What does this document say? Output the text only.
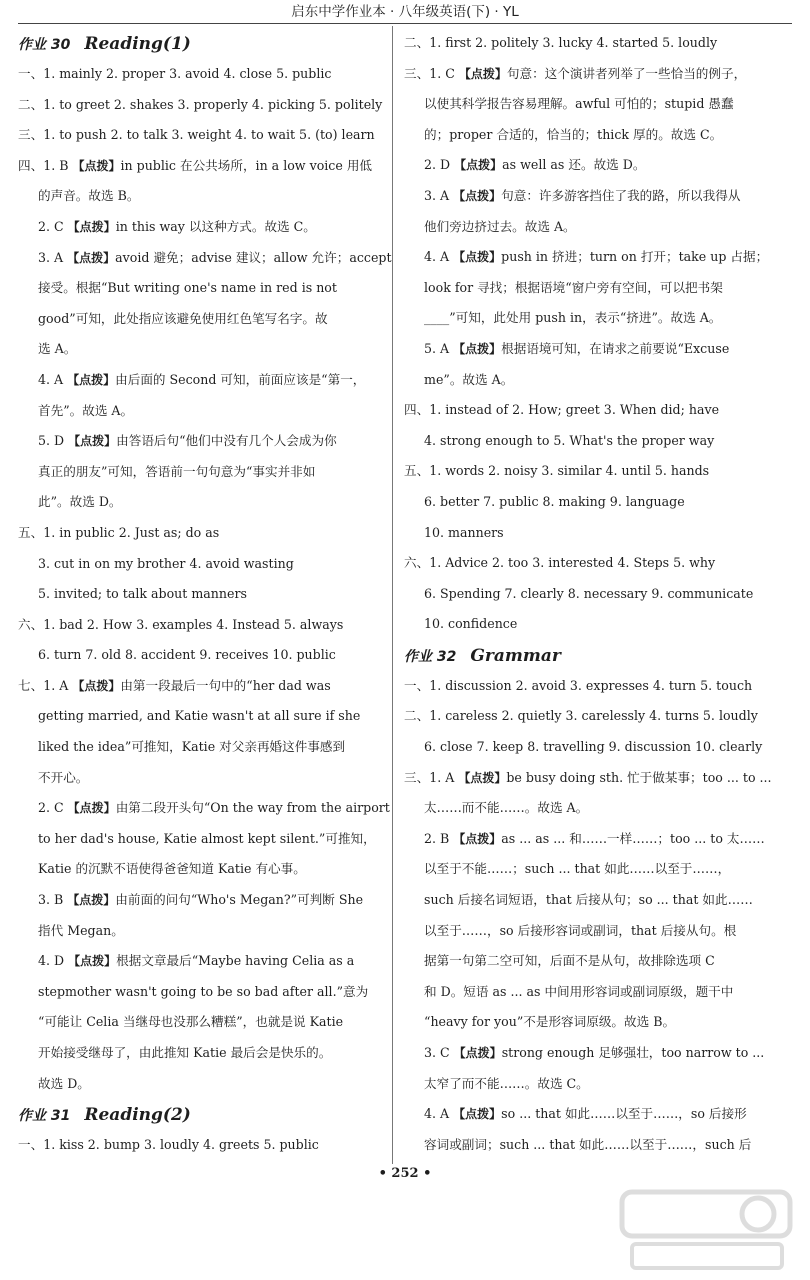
启东中学作业本 · 八年级英语(下) · YL
作业 30 Reading(1)
一、1. mainly 2. proper 3. avoid 4. close 5. public
二、1. to greet 2. shakes 3. properly 4. picking 5. politely
三、1. to push 2. to talk 3. weight 4. to wait 5. (to) learn
四、1. B 【点拨】in public 在公共场所，in a low voice 用低
的声音。故选 B。
2. C 【点拨】in this way 以这种方式。故选 C。
3. A 【点拨】avoid 避免；advise 建议；allow 允许；accept
接受。根据“But writing one's name in red is not
good”可知，此处指应该避免使用红色笔写名字。故
选 A。
4. A 【点拨】由后面的 Second 可知，前面应该是“第一，
首先”。故选 A。
5. D 【点拨】由答语后句“他们中没有几个人会成为你
真正的朋友”可知，答语前一句句意为“事实并非如
此”。故选 D。
五、1. in public 2. Just as; do as
3. cut in on my brother 4. avoid wasting
5. invited; to talk about manners
六、1. bad 2. How 3. examples 4. Instead 5. always
6. turn 7. old 8. accident 9. receives 10. public
七、1. A 【点拨】由第一段最后一句中的“her dad was
getting married, and Katie wasn't at all sure if she
liked the idea”可推知，Katie 对父亲再婚这件事感到
不开心。
2. C 【点拨】由第二段开头句“On the way from the airport
to her dad's house, Katie almost kept silent.”可推知，
Katie 的沉默不语使得爸爸知道 Katie 有心事。
3. B 【点拨】由前面的问句“Who's Megan?”可判断 She
指代 Megan。
4. D 【点拨】根据文章最后“Maybe having Celia as a
stepmother wasn't going to be so bad after all.”意为
“可能让 Celia 当继母也没那么糟糕”，也就是说 Katie
开始接受继母了，由此推知 Katie 最后会是快乐的。
故选 D。
作业 31 Reading(2)
一、1. kiss 2. bump 3. loudly 4. greets 5. public
二、1. first 2. politely 3. lucky 4. started 5. loudly
三、1. C 【点拨】句意：这个演讲者列举了一些恰当的例子，
以使其科学报告容易理解。awful 可怕的；stupid 愚蠢
的；proper 合适的，恰当的；thick 厚的。故选 C。
2. D 【点拨】as well as 还。故选 D。
3. A 【点拨】句意：许多游客挡住了我的路，所以我得从
他们旁边挤过去。故选 A。
4. A 【点拨】push in 挤进；turn on 打开；take up 占据；
look for 寻找；根据语境“窗户旁有空间，可以把书架
____”可知，此处用 push in，表示“挤进”。故选 A。
5. A 【点拨】根据语境可知，在请求之前要说“Excuse
me”。故选 A。
四、1. instead of 2. How; greet 3. When did; have
4. strong enough to 5. What's the proper way
五、1. words 2. noisy 3. similar 4. until 5. hands
6. better 7. public 8. making 9. language
10. manners
六、1. Advice 2. too 3. interested 4. Steps 5. why
6. Spending 7. clearly 8. necessary 9. communicate
10. confidence
作业 32 Grammar
一、1. discussion 2. avoid 3. expresses 4. turn 5. touch
二、1. careless 2. quietly 3. carelessly 4. turns 5. loudly
6. close 7. keep 8. travelling 9. discussion 10. clearly
三、1. A 【点拨】be busy doing sth. 忙于做某事；too ... to ...
太……而不能……。故选 A。
2. B 【点拨】as ... as ... 和……一样……；too ... to 太……
以至于不能……；such ... that 如此……以至于……，
such 后接名词短语，that 后接从句；so ... that 如此……
以至于……，so 后接形容词或副词，that 后接从句。根
据第一句第二空可知，后面不是从句，故排除选项 C
和 D。短语 as ... as 中间用形容词或副词原级，题干中
“heavy for you”不是形容词原级。故选 B。
3. C 【点拨】strong enough 足够强壮，too narrow to ...
太窄了而不能……。故选 C。
4. A 【点拨】so ... that 如此……以至于……，so 后接形
容词或副词；such ... that 如此……以至于……，such 后
• 252 •
